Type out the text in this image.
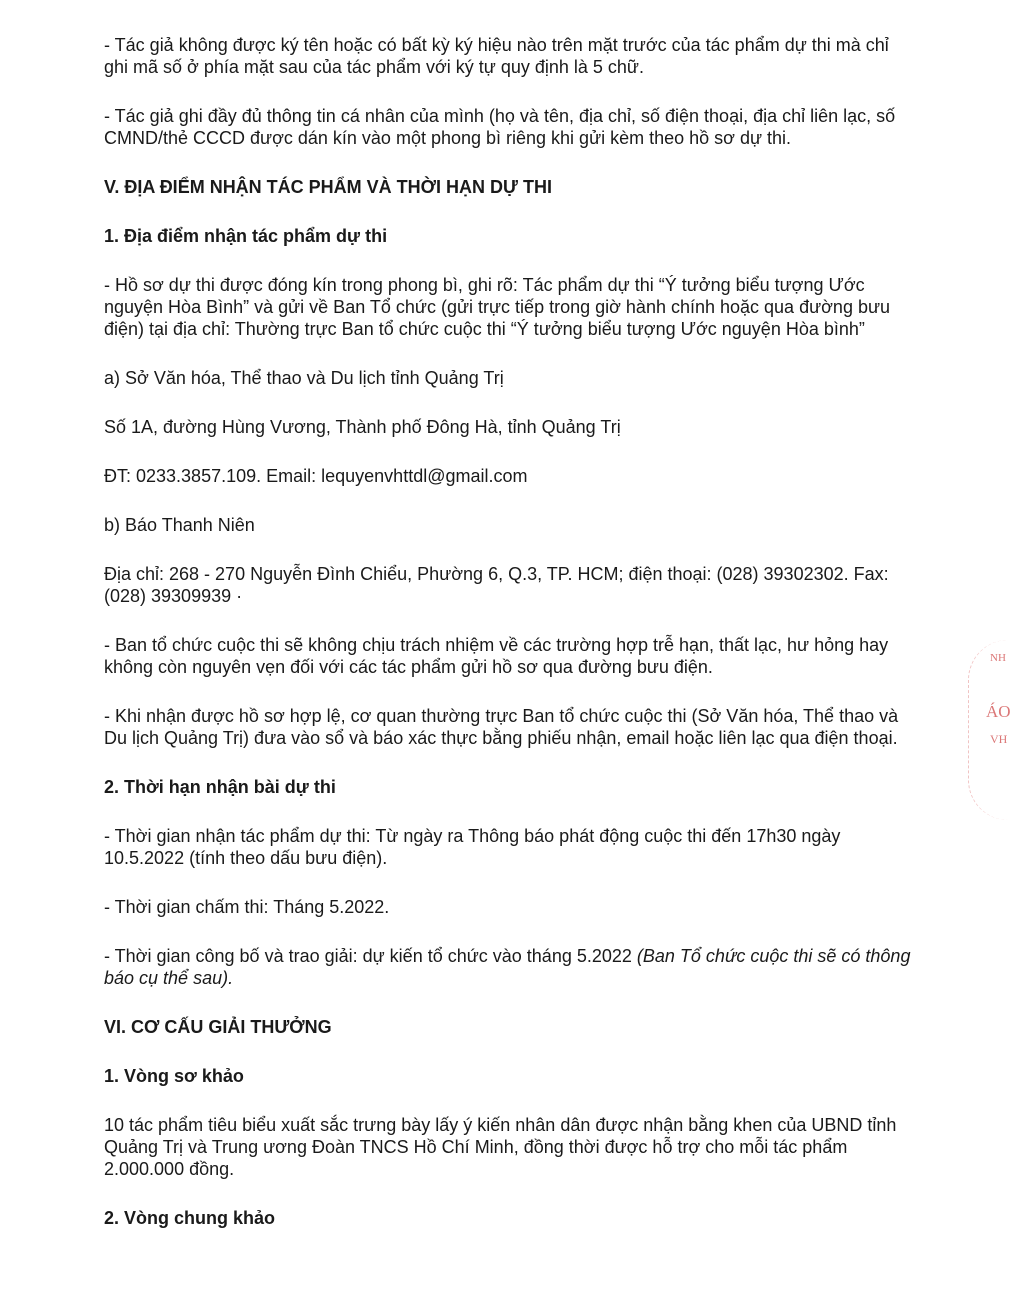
- Tác giả không được ký tên hoặc có bất kỳ ký hiệu nào trên mặt trước của tác phẩm dự thi mà chỉ ghi mã số ở phía mặt sau của tác phẩm với ký tự quy định là 5 chữ.
- Tác giả ghi đầy đủ thông tin cá nhân của mình (họ và tên, địa chỉ, số điện thoại, địa chỉ liên lạc, số CMND/thẻ CCCD được dán kín vào một phong bì riêng khi gửi kèm theo hồ sơ dự thi.
V. ĐỊA ĐIỂM NHẬN TÁC PHẨM VÀ THỜI HẠN DỰ THI
1. Địa điểm nhận tác phẩm dự thi
- Hồ sơ dự thi được đóng kín trong phong bì, ghi rõ: Tác phẩm dự thi “Ý tưởng biểu tượng Ước nguyện Hòa Bình” và gửi về Ban Tổ chức (gửi trực tiếp trong giờ hành chính hoặc qua đường bưu điện) tại địa chỉ: Thường trực Ban tổ chức cuộc thi “Ý tưởng biểu tượng Ước nguyện Hòa bình”
a) Sở Văn hóa, Thể thao và Du lịch tỉnh Quảng Trị
Số 1A, đường Hùng Vương, Thành phố Đông Hà, tỉnh Quảng Trị
ĐT: 0233.3857.109. Email: lequyenvhttdl@gmail.com
b) Báo Thanh Niên
Địa chỉ: 268 - 270 Nguyễn Đình Chiểu, Phường 6, Q.3, TP. HCM; điện thoại: (028) 39302302. Fax: (028) 39309939 ·
- Ban tổ chức cuộc thi sẽ không chịu trách nhiệm về các trường hợp trễ hạn, thất lạc, hư hỏng hay không còn nguyên vẹn đối với các tác phẩm gửi hồ sơ qua đường bưu điện.
- Khi nhận được hồ sơ hợp lệ, cơ quan thường trực Ban tổ chức cuộc thi (Sở Văn hóa, Thể thao và Du lịch Quảng Trị) đưa vào sổ và báo xác thực bằng phiếu nhận, email hoặc liên lạc qua điện thoại.
2. Thời hạn nhận bài dự thi
- Thời gian nhận tác phẩm dự thi: Từ ngày ra Thông báo phát động cuộc thi đến 17h30 ngày 10.5.2022 (tính theo dấu bưu điện).
- Thời gian chấm thi: Tháng 5.2022.
- Thời gian công bố và trao giải: dự kiến tổ chức vào tháng 5.2022 (Ban Tổ chức cuộc thi sẽ có thông báo cụ thể sau).
VI. CƠ CẤU GIẢI THƯỞNG
1. Vòng sơ khảo
10 tác phẩm tiêu biểu xuất sắc trưng bày lấy ý kiến nhân dân được nhận bằng khen của UBND tỉnh Quảng Trị và Trung ương Đoàn TNCS Hồ Chí Minh, đồng thời được hỗ trợ cho mỗi tác phẩm 2.000.000 đồng.
2. Vòng chung khảo
NH
ÁO
VH
